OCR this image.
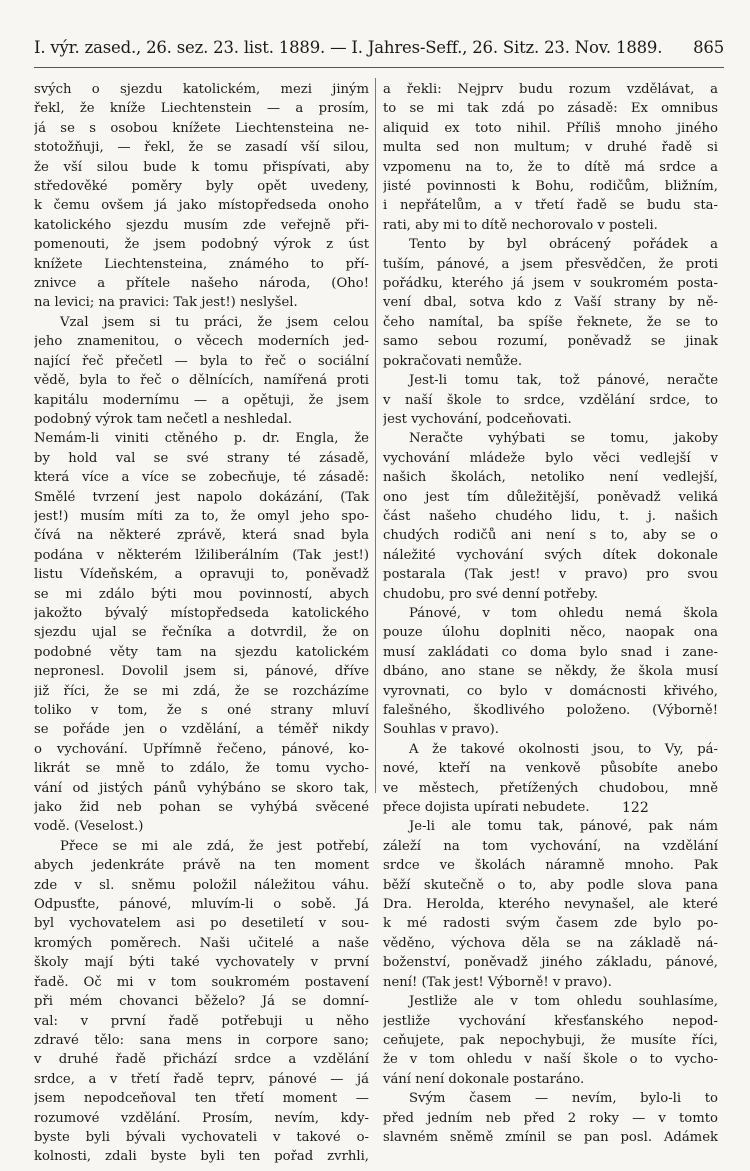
I. výr. zased., 26. sez. 23. list. 1889. — I. Jahres-Seff., 26. Sitz. 23. Nov. 1889. 865
svých o sjezdu katolickém, mezi jiným
řekl, že kníže Liechtenstein — a prosím,
já se s osobou knížete Liechtensteina ne-
stotožňuji, — řekl, že se zasadí vší silou,
že vší silou bude k tomu přispívati, aby
středověké poměry byly opět uvedeny,
k čemu ovšem já jako místopředseda onoho
katolického sjezdu musím zde veřejně při-
pomenouti, že jsem podobný výrok z úst
knížete Liechtensteina, známého to pří-
znivce a přítele našeho národa, (Oho!
na levici; na pravici: Tak jest!) neslyšel.
Vzal jsem si tu práci, že jsem celou
jeho znamenitou, o věcech moderních jed-
nající řeč přečetl — byla to řeč o sociální
vědě, byla to řeč o dělnících, namířená proti
kapitálu modernímu — a opětuji, že jsem
podobný výrok tam nečetl a neshledal.
Nemám-li viniti ctěného p. dr. Engla, že
by hold val se své strany té zásadě,
která více a více se zobecňuje, té zásadě:
Smělé tvrzení jest napolo dokázání, (Tak
jest!) musím míti za to, že omyl jeho spo-
čívá na některé zprávě, která snad byla
podána v některém lžiliberálním (Tak jest!)
listu Vídeňském, a opravuji to, poněvadž
se mi zdálo býti mou povinností, abych
jakožto bývalý místopředseda katolického
sjezdu ujal se řečníka a dotvrdil, že on
podobné věty tam na sjezdu katolickém
nepronesl. Dovolil jsem si, pánové, dříve
již říci, že se mi zdá, že se rozcházíme
toliko v tom, že s oné strany mluví
se pořáde jen o vzdělání, a téměř nikdy
o vychování. Upřímně řečeno, pánové, ko-
likrát se mně to zdálo, že tomu vycho-
vání od jistých pánů vyhýbáno se skoro tak,
jako žid neb pohan se vyhýbá svěcené
vodě. (Veselost.)
Přece se mi ale zdá, že jest potřebí,
abych jedenkráte právě na ten moment
zde v sl. sněmu položil náležitou váhu.
Odpusťte, pánové, mluvím-li o sobě. Já
byl vychovatelem asi po desetiletí v sou-
kromých poměrech. Naši učitelé a naše
školy mají býti také vychovately v první
řadě. Oč mi v tom soukromém postavení
při mém chovanci běželo? Já se domní-
val: v první řadě potřebuji u něho
zdravé tělo: sana mens in corpore sano;
v druhé řadě přichází srdce a vzdělání
srdce, a v třetí řadě teprv, pánové — já
jsem nepodceňoval ten třetí moment —
rozumové vzdělání. Prosím, nevím, kdy-
byste byli bývali vychovateli v takové o-
kolnosti, zdali byste byli ten pořad zvrhli,
a řekli: Nejprv budu rozum vzdělávat, a
to se mi tak zdá po zásadě: Ex omnibus
aliquid ex toto nihil. Příliš mnoho jiného
multa sed non multum; v druhé řadě si
vzpomenu na to, že to dítě má srdce a
jisté povinnosti k Bohu, rodičům, bližním,
i nepřátelům, a v třetí řadě se budu sta-
rati, aby mi to dítě nechorovalo v posteli.
Tento by byl obrácený pořádek a
tuším, pánové, a jsem přesvědčen, že proti
pořádku, kterého já jsem v soukromém posta-
vení dbal, sotva kdo z Vaší strany by ně-
čeho namítal, ba spíše řeknete, že se to
samo sebou rozumí, poněvadž se jinak
pokračovati nemůže.
Jest-li tomu tak, tož pánové, neračte
v naší škole to srdce, vzdělání srdce, to
jest vychování, podceňovati.
Neračte vyhýbati se tomu, jakoby
vychování mládeže bylo věci vedlejší v
našich školách, netoliko není vedlejší,
ono jest tím důležitější, poněvadž veliká
část našeho chudého lidu, t. j. našich
chudých rodičů ani není s to, aby se o
náležité vychování svých dítek dokonale
postarala (Tak jest! v pravo) pro svou
chudobu, pro své denní potřeby.
Pánové, v tom ohledu nemá škola
pouze úlohu doplniti něco, naopak ona
musí zakládati co doma bylo snad i zane-
dbáno, ano stane se někdy, že škola musí
vyrovnati, co bylo v domácnosti křivého,
falešného, škodlivého položeno. (Výborně!
Souhlas v pravo).
A že takové okolnosti jsou, to Vy, pá-
nové, kteří na venkově působíte anebo
ve městech, přetížených chudobou, mně
přece dojista upírati nebudete.
Je-li ale tomu tak, pánové, pak nám
záleží na tom vychování, na vzdělání
srdce ve školách náramně mnoho. Pak
běží skutečně o to, aby podle slova pana
Dra. Herolda, kterého nevynašel, ale které
k mé radosti svým časem zde bylo po-
věděno, výchova děla se na základě ná-
boženství, poněvadž jiného základu, pánové,
není! (Tak jest! Výborně! v pravo).
Jestliže ale v tom ohledu souhlasíme,
jestliže vychování křesťanského nepod-
ceňujete, pak nepochybuji, že musíte říci,
že v tom ohledu v naší škole o to vycho-
vání není dokonale postaráno.
Svým časem — nevím, bylo-li to
před jedním neb před 2 roky — v tomto
slavném sněmě zmínil se pan posl. Adámek
122
